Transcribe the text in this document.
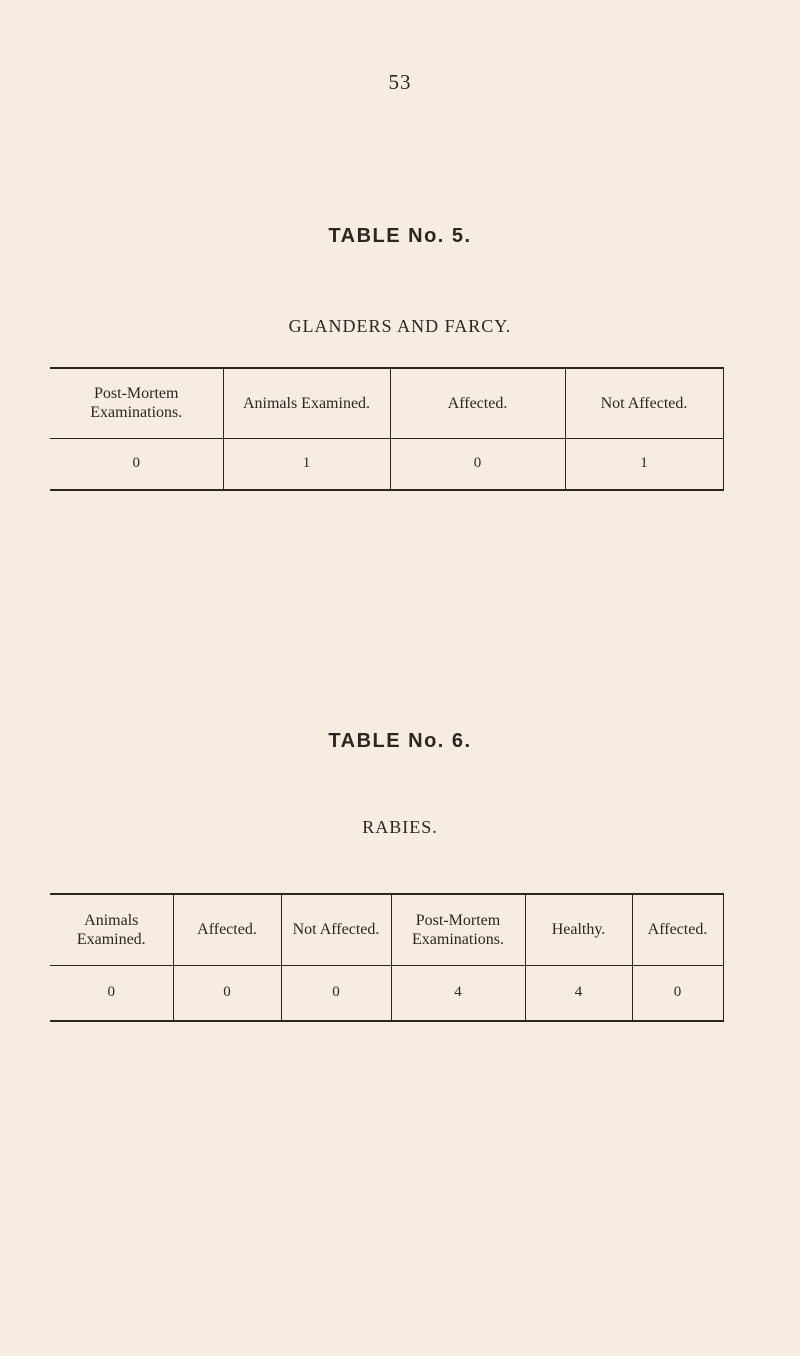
53
TABLE No. 5.
GLANDERS AND FARCY.
Post-Mortem Examinations.	Animals Examined.	Affected.	Not Affected.
0	1	0	1
TABLE No. 6.
RABIES.
Animals Examined.	Affected.	Not Affected.	Post-Mortem Examinations.	Healthy.	Affected.
0	0	0	4	4	0
